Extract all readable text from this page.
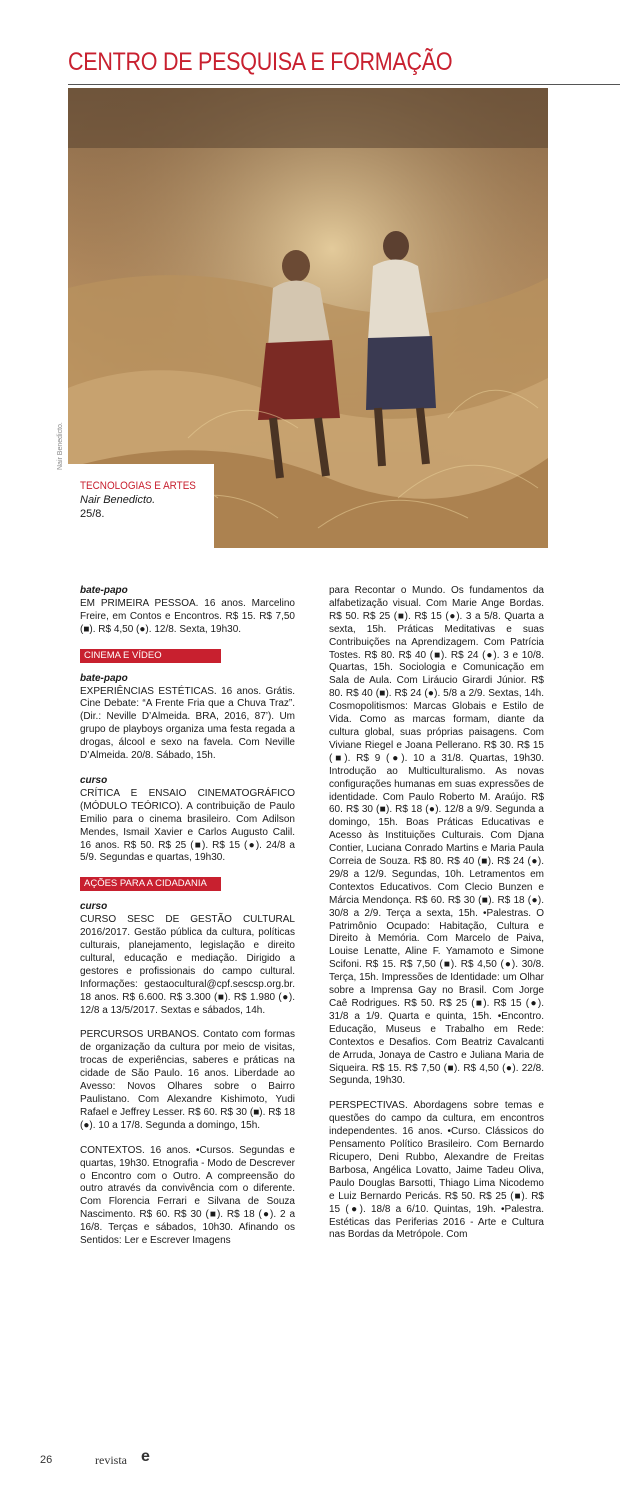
CENTRO DE PESQUISA E FORMAÇÃO
Nair Benedicto.
TECNOLOGIAS E ARTES
Nair Benedicto.
25/8.
bate-papo

EM PRIMEIRA PESSOA. 16 anos. Marcelino Freire, em Contos e Encontros. R$ 15. R$ 7,50 (■). R$ 4,50 (●). 12/8. Sexta, 19h30.

CINEMA E VÍDEO
bate-papo

EXPERIÊNCIAS ESTÉTICAS. 16 anos. Grátis. Cine Debate: “A Frente Fria que a Chuva Traz”. (Dir.: Neville D’Almeida. BRA, 2016, 87’). Um grupo de playboys organiza uma festa regada a drogas, álcool e sexo na favela. Com Neville D’Almeida. 20/8. Sábado, 15h.

curso

CRÍTICA E ENSAIO CINEMATOGRÁFICO (MÓDULO TEÓRICO). A contribuição de Paulo Emilio para o cinema brasileiro. Com Adilson Mendes, Ismail Xavier e Carlos Augusto Calil. 16 anos. R$ 50. R$ 25 (■). R$ 15 (●). 24/8 a 5/9. Segundas e quartas, 19h30.

AÇÕES PARA A CIDADANIA
curso

CURSO SESC DE GESTÃO CULTURAL 2016/2017. Gestão pública da cultura, políticas culturais, planejamento, legislação e direito cultural, educação e mediação. Dirigido a gestores e profissionais do campo cultural. Informações: gestaocultural@cpf.sescsp.org.br. 18 anos. R$ 6.600. R$ 3.300 (■). R$ 1.980 (●). 12/8 a 13/5/2017. Sextas e sábados, 14h.

PERCURSOS URBANOS. Contato com formas de organização da cultura por meio de visitas, trocas de experiências, saberes e práticas na cidade de São Paulo. 16 anos. Liberdade ao Avesso: Novos Olhares sobre o Bairro Paulistano. Com Alexandre Kishimoto, Yudi Rafael e Jeffrey Lesser. R$ 60. R$ 30 (■). R$ 18 (●). 10 a 17/8. Segunda a domingo, 15h.

CONTEXTOS. 16 anos. •Cursos. Segundas e quartas, 19h30. Etnografia - Modo de Descrever o Encontro com o Outro. A compreensão do outro através da convivência com o diferente. Com Florencia Ferrari e Silvana de Souza Nascimento. R$ 60. R$ 30 (■). R$ 18 (●). 2 a 16/8. Terças e sábados, 10h30. Afinando os Sentidos: Ler e Escrever Imagens

para Recontar o Mundo. Os fundamentos da alfabetização visual. Com Marie Ange Bordas. R$ 50. R$ 25 (■). R$ 15 (●). 3 a 5/8. Quarta a sexta, 15h. Práticas Meditativas e suas Contribuições na Aprendizagem. Com Patrícia Tostes. R$ 80. R$ 40 (■). R$ 24 (●). 3 e 10/8. Quartas, 15h. Sociologia e Comunicação em Sala de Aula. Com Liráucio Girardi Júnior. R$ 80. R$ 40 (■). R$ 24 (●). 5/8 a 2/9. Sextas, 14h. Cosmopolitismos: Marcas Globais e Estilo de Vida. Como as marcas formam, diante da cultura global, suas próprias paisagens. Com Viviane Riegel e Joana Pellerano. R$ 30. R$ 15 (■). R$ 9 (●). 10 a 31/8. Quartas, 19h30. Introdução ao Multiculturalismo. As novas configurações humanas em suas expressões de identidade. Com Paulo Roberto M. Araújo. R$ 60. R$ 30 (■). R$ 18 (●). 12/8 a 9/9. Segunda a domingo, 15h. Boas Práticas Educativas e Acesso às Instituições Culturais. Com Djana Contier, Luciana Conrado Martins e Maria Paula Correia de Souza. R$ 80. R$ 40 (■). R$ 24 (●). 29/8 a 12/9. Segundas, 10h. Letramentos em Contextos Educativos. Com Clecio Bunzen e Márcia Mendonça. R$ 60. R$ 30 (■). R$ 18 (●). 30/8 a 2/9. Terça a sexta, 15h. •Palestras. O Patrimônio Ocupado: Habitação, Cultura e Direito à Memória. Com Marcelo de Paiva, Louise Lenatte, Aline F. Yamamoto e Simone Scifoni. R$ 15. R$ 7,50 (■). R$ 4,50 (●). 30/8. Terça, 15h. Impressões de Identidade: um Olhar sobre a Imprensa Gay no Brasil. Com Jorge Caê Rodrigues. R$ 50. R$ 25 (■). R$ 15 (●). 31/8 a 1/9. Quarta e quinta, 15h. •Encontro. Educação, Museus e Trabalho em Rede: Contextos e Desafios. Com Beatriz Cavalcanti de Arruda, Jonaya de Castro e Juliana Maria de Siqueira. R$ 15. R$ 7,50 (■). R$ 4,50 (●). 22/8. Segunda, 19h30.

PERSPECTIVAS. Abordagens sobre temas e questões do campo da cultura, em encontros independentes. 16 anos. •Curso. Clássicos do Pensamento Político Brasileiro. Com Bernardo Ricupero, Deni Rubbo, Alexandre de Freitas Barbosa, Angélica Lovatto, Jaime Tadeu Oliva, Paulo Douglas Barsotti, Thiago Lima Nicodemo e Luiz Bernardo Pericás. R$ 50. R$ 25 (■). R$ 15 (●). 18/8 a 6/10. Quintas, 19h. •Palestra. Estéticas das Periferias 2016 - Arte e Cultura nas Bordas da Metrópole. Com

26	revista e
